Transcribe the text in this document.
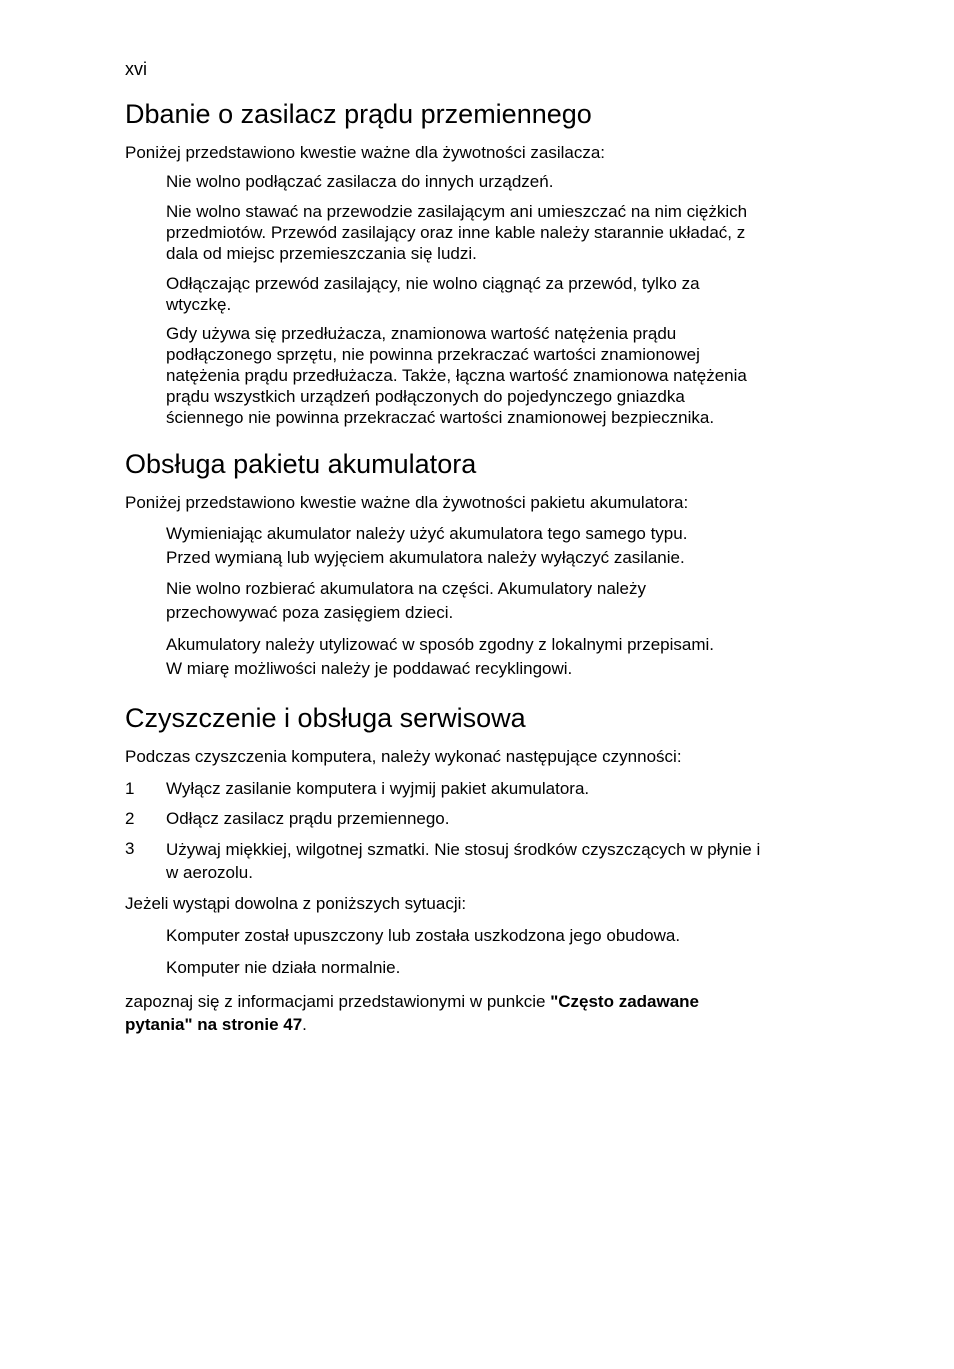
xvi
Dbanie o zasilacz prądu przemiennego

Poniżej przedstawiono kwestie ważne dla żywotności zasilacza:

Nie wolno podłączać zasilacza do innych urządzeń.

Nie wolno stawać na przewodzie zasilającym ani umieszczać na nim ciężkich
przedmiotów. Przewód zasilający oraz inne kable należy starannie układać, z
dala od miejsc przemieszczania się ludzi.

Odłączając przewód zasilający, nie wolno ciągnąć za przewód, tylko za
wtyczkę.

Gdy używa się przedłużacza, znamionowa wartość natężenia prądu
podłączonego sprzętu, nie powinna przekraczać wartości znamionowej
natężenia prądu przedłużacza. Także, łączna wartość znamionowa natężenia
prądu wszystkich urządzeń podłączonych do pojedynczego gniazdka
ściennego nie powinna przekraczać wartości znamionowej bezpiecznika.

Obsługa pakietu akumulatora

Poniżej przedstawiono kwestie ważne dla żywotności pakietu akumulatora:

Wymieniając akumulator należy użyć akumulatora tego samego typu.
Przed wymianą lub wyjęciem akumulatora należy wyłączyć zasilanie.

Nie wolno rozbierać akumulatora na części. Akumulatory należy
przechowywać poza zasięgiem dzieci.

Akumulatory należy utylizować w sposób zgodny z lokalnymi przepisami.
W miarę możliwości należy je poddawać recyklingowi.

Czyszczenie i obsługa serwisowa

Podczas czyszczenia komputera, należy wykonać następujące czynności:

1 Wyłącz zasilanie komputera i wyjmij pakiet akumulatora.

2 Odłącz zasilacz prądu przemiennego.

3 Używaj miękkiej, wilgotnej szmatki. Nie stosuj środków czyszczących w płynie i
w aerozolu.

Jeżeli wystąpi dowolna z poniższych sytuacji:

Komputer został upuszczony lub została uszkodzona jego obudowa.

Komputer nie działa normalnie.

zapoznaj się z informacjami przedstawionymi w punkcie "Często zadawane
pytania" na stronie 47.
